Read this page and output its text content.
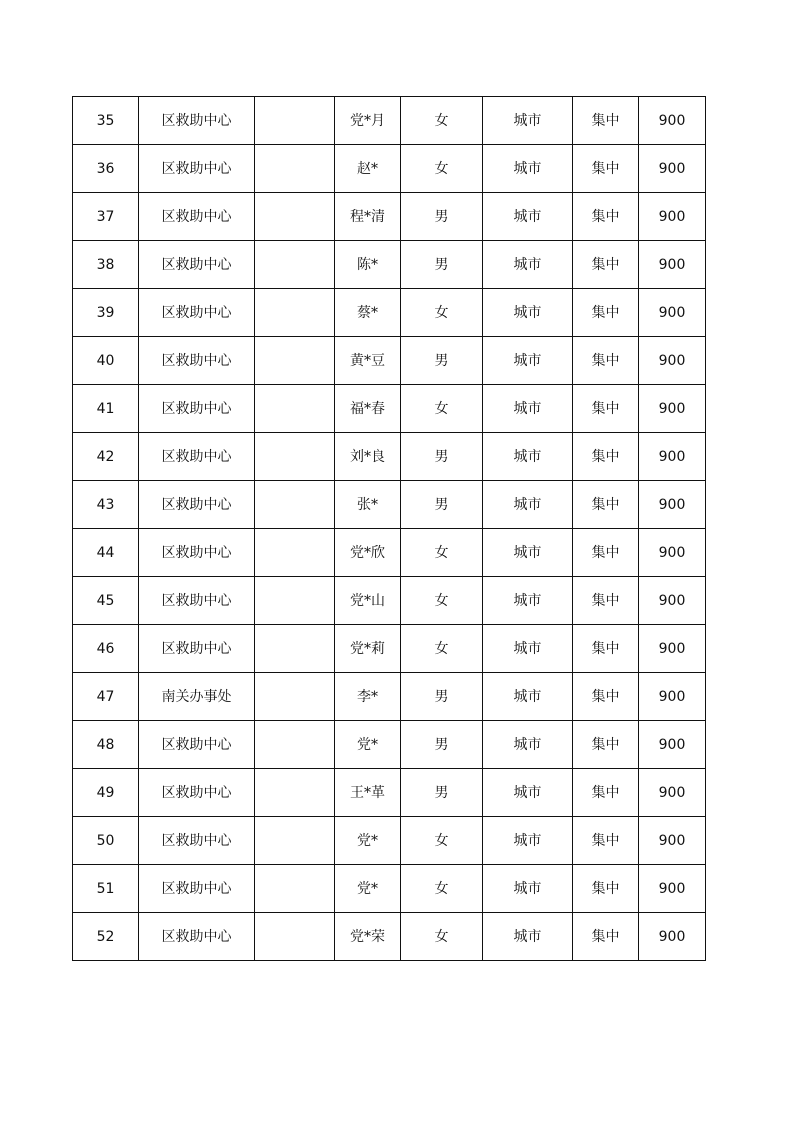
35	区救助中心		党*月	女	城市	集中	900
36	区救助中心		赵*	女	城市	集中	900
37	区救助中心		程*清	男	城市	集中	900
38	区救助中心		陈*	男	城市	集中	900
39	区救助中心		蔡*	女	城市	集中	900
40	区救助中心		黄*豆	男	城市	集中	900
41	区救助中心		福*春	女	城市	集中	900
42	区救助中心		刘*良	男	城市	集中	900
43	区救助中心		张*	男	城市	集中	900
44	区救助中心		党*欣	女	城市	集中	900
45	区救助中心		党*山	女	城市	集中	900
46	区救助中心		党*莉	女	城市	集中	900
47	南关办事处		李*	男	城市	集中	900
48	区救助中心		党*	男	城市	集中	900
49	区救助中心		王*革	男	城市	集中	900
50	区救助中心		党*	女	城市	集中	900
51	区救助中心		党*	女	城市	集中	900
52	区救助中心		党*荣	女	城市	集中	900
